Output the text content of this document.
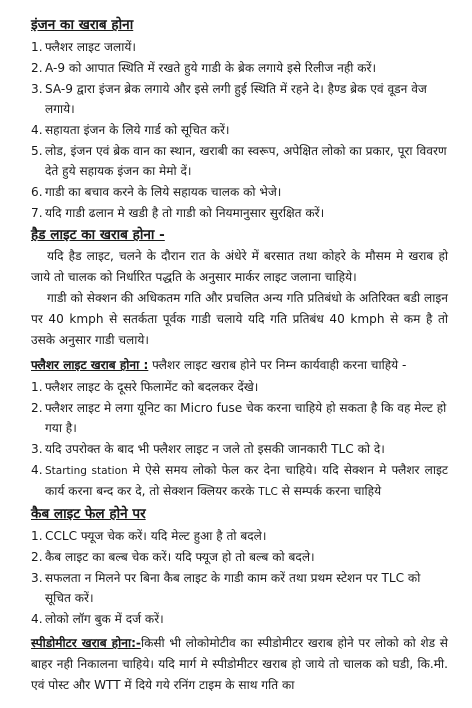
इंजन का खराब होना
1. फ्लैशर लाइट जलायें।
2. A-9 को आपात स्थिति में रखते हुये गाडी के ब्रेक लगाये इसे रिलीज नही करें।
3. SA-9 द्वारा इंजन ब्रेक लगाये और इसे लगी हुई स्थिति में रहने दे। हैण्ड ब्रेक एवं वूडन वेज लगाये।
4. सहायता इंजन के लिये गार्ड को सूचित करें।
5. लोड, इंजन एवं ब्रेक वान का स्थान, खराबी का स्वरूप, अपेक्षित लोको का प्रकार, पूरा विवरण देते हुये सहायक इंजन का मेमो दें।
6. गाडी का बचाव करने के लिये सहायक चालक को भेजे।
7. यदि गाडी ढलान मे खडी है तो गाडी को नियमानुसार सुरक्षित करें।
हैड लाइट का खराब होना -
यदि हैड लाइट, चलने के दौरान रात के अंधेरे में बरसात तथा कोहरे के मौसम मे खराब हो जाये तो चालक को निर्धारित पद्धति के अनुसार मार्कर लाइट जलाना चाहिये।
गाडी को सेक्शन की अधिकतम गति और प्रचलित अन्य गति प्रतिबंधो के अतिरिक्त बडी लाइन पर 40 kmph से सतर्कता पूर्वक गाडी चलाये यदि गति प्रतिबंध 40 kmph से कम है तो उसके अनुसार गाडी चलाये।
फ्लैशर लाइट खराब होना : फ्लैशर लाइट खराब होने पर निम्न कार्यवाही करना चाहिये -
1. फ्लैशर लाइट के दूसरे फिलामेंट को बदलकर देंखे।
2. फ्लैशर लाइट मे लगा यूनिट का Micro fuse चेक करना चाहिये हो सकता है कि वह मेल्ट हो गया है।
3. यदि उपरोक्त के बाद भी फ्लैशर लाइट न जले तो इसकी जानकारी TLC को दे।
4. Starting station मे ऐसे समय लोको फेल कर देना चाहिये। यदि सेक्शन मे फ्लैशर लाइट कार्य करना बन्द कर दे, तो सेक्शन क्लियर करके TLC से सम्पर्क करना चाहिये
कैब लाइट फेल होने पर
1. CCLC फ्यूज चेक करें। यदि मेल्ट हुआ है तो बदले।
2. कैब लाइट का बल्ब चेक करें। यदि फ्यूज हो तो बल्ब को बदले।
3. सफलता न मिलने पर बिना कैब लाइट के गाडी काम करें तथा प्रथम स्टेशन पर TLC को सूचित करें।
4. लोको लॉग बुक में दर्ज करें।
स्पीडोमीटर खराब होना:-किसी भी लोकोमोटीव का स्पीडोमीटर खराब होने पर लोको को शेड से बाहर नही निकालना चाहिये। यदि मार्ग मे स्पीडोमीटर खराब हो जाये तो चालक को घडी, कि.मी. एवं पोस्ट और WTT में दिये गये रनिंग टाइम के साथ गति का
